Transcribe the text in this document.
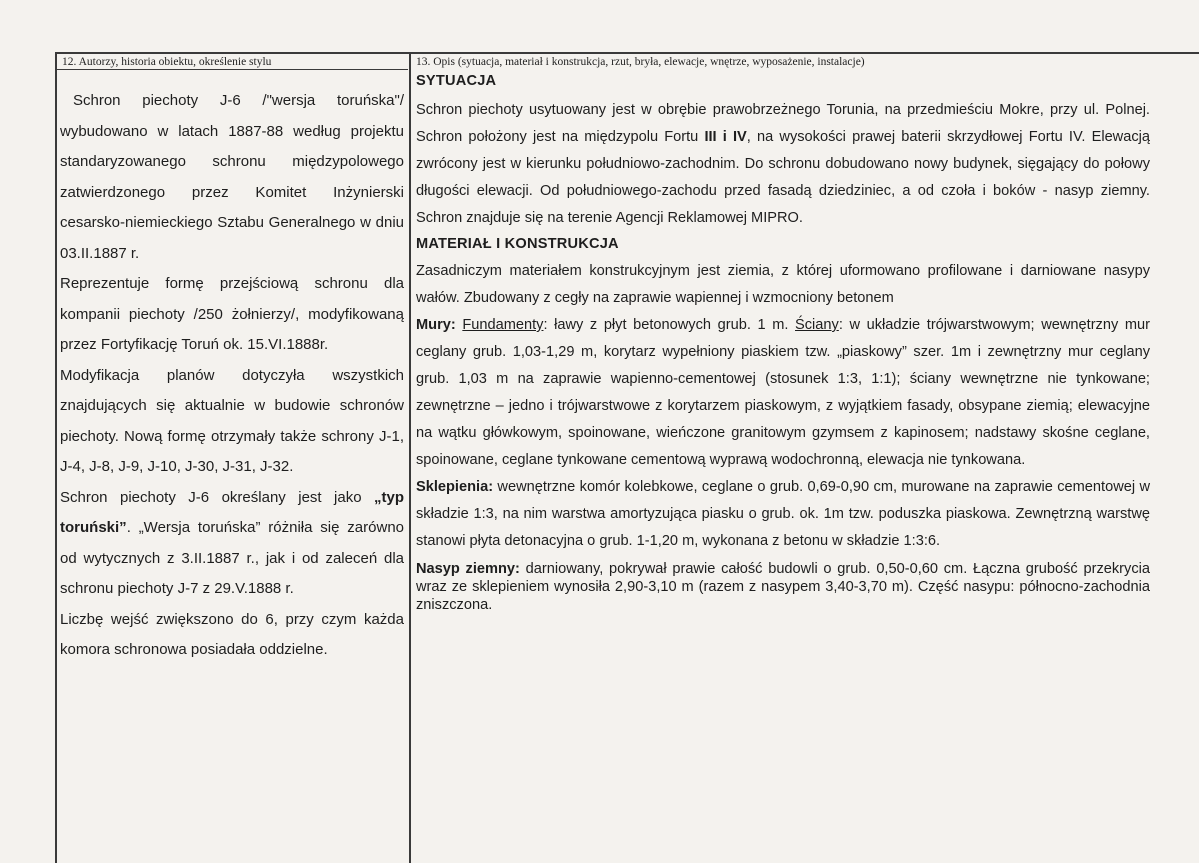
12. Autorzy, historia obiektu, określenie stylu

Schron piechoty J-6 /"wersja toruńska"/ wybudowano w latach 1887-88 według projektu standaryzowanego schronu międzypolowego zatwierdzonego przez Komitet Inżynierski cesarsko-niemieckiego Sztabu Generalnego w dniu 03.II.1887 r.

Reprezentuje formę przejściową schronu dla kompanii piechoty /250 żołnierzy/, modyfikowaną przez Fortyfikację Toruń ok. 15.VI.1888r.

Modyfikacja planów dotyczyła wszystkich znajdujących się aktualnie w budowie schronów piechoty. Nową formę otrzymały także schrony J-1, J-4, J-8, J-9, J-10, J-30, J-31, J-32.

Schron piechoty J-6 określany jest jako „typ toruński”. „Wersja toruńska” różniła się zarówno od wytycznych z 3.II.1887 r., jak i od zaleceń dla schronu piechoty J-7 z 29.V.1888 r.

Liczbę wejść zwiększono do 6, przy czym każda komora schronowa posiadała oddzielne.

13. Opis (sytuacja, materiał i konstrukcja, rzut, bryła, elewacje, wnętrze, wyposażenie, instalacje)

SYTUACJA

Schron piechoty usytuowany jest w obrębie prawobrzeżnego Torunia, na przedmieściu Mokre, przy ul. Polnej. Schron położony jest na międzypolu Fortu III i IV, na wysokości prawej baterii skrzydłowej Fortu IV. Elewacją zwrócony jest w kierunku południowo-zachodnim. Do schronu dobudowano nowy budynek, sięgający do połowy długości elewacji. Od południowego-zachodu przed fasadą dziedziniec, a od czoła i boków - nasyp ziemny. Schron znajduje się na terenie Agencji Reklamowej MIPRO.

MATERIAŁ I KONSTRUKCJA

Zasadniczym materiałem konstrukcyjnym jest ziemia, z której uformowano profilowane i darniowane nasypy wałów. Zbudowany z cegły na zaprawie wapiennej i wzmocniony betonem

Mury: Fundamenty: ławy z płyt betonowych grub. 1 m. Ściany: w układzie trójwarstwowym; wewnętrzny mur ceglany grub. 1,03-1,29 m, korytarz wypełniony piaskiem tzw. „piaskowy” szer. 1m i zewnętrzny mur ceglany grub. 1,03 m na zaprawie wapienno-cementowej (stosunek 1:3, 1:1); ściany wewnętrzne nie tynkowane; zewnętrzne – jedno i trójwarstwowe z korytarzem piaskowym, z wyjątkiem fasady, obsypane ziemią; elewacyjne na wątku główkowym, spoinowane, wieńczone granitowym gzymsem z kapinosem; nadstawy skośne ceglane, spoinowane, ceglane tynkowane cementową wyprawą wodochronną, elewacja nie tynkowana.

Sklepienia: wewnętrzne komór kolebkowe, ceglane o grub. 0,69-0,90 cm, murowane na zaprawie cementowej w składzie 1:3, na nim warstwa amortyzująca piasku o grub. ok. 1m tzw. poduszka piaskowa. Zewnętrzną warstwę stanowi płyta detonacyjna o grub. 1-1,20 m, wykonana z betonu w składzie 1:3:6.

Nasyp ziemny: darniowany, pokrywał prawie całość budowli o grub. 0,50-0,60 cm. Łączna grubość przekrycia wraz ze sklepieniem wynosiła 2,90-3,10 m (razem z nasypem 3,40-3,70 m). Część nasypu: północno-zachodnia zniszczona.
